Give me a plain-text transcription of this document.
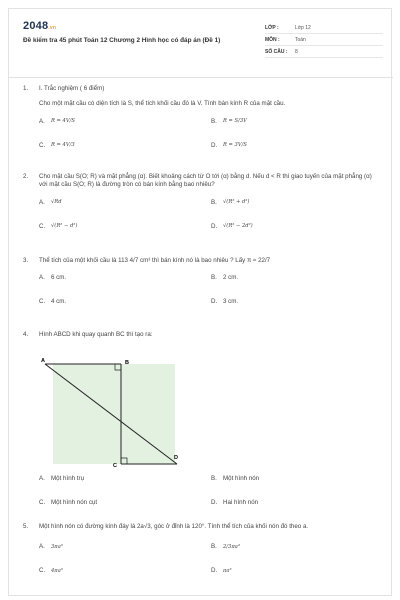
2048.vn
Đề kiểm tra 45 phút Toán 12 Chương 2 Hình học có đáp án (Đề 1)
LỚP :	Lớp 12
MÔN :	Toán
SỐ CÂU :	8
1. I. Trắc nghiệm ( 6 điểm)
Cho một mặt cầu có diện tích là S, thể tích khối cầu đó là V. Tính bán kính R của mặt cầu.
A.	R = 4V/S	B.	R = S/3V
C.	R = 4V/3	D.	R = 3V/S
2. Cho mặt cầu S(O; R) và mặt phẳng (α). Biết khoảng cách từ O tới (α) bằng d. Nếu d < R thì giao tuyến của mặt phẳng (α) với mặt cầu S(O; R) là đường tròn có bán kính bằng bao nhiêu?
A.	√Rd	B.	√(R² + d²)
C.	√(R² − d²)	D.	√(R² − 2d²)
3. Thể tích của một khối cầu là 113 4/7 cm³ thì bán kính nó là bao nhiêu ? Lấy π ≈ 22/7
A. 6 cm.	B. 2 cm.
C. 4 cm.	D. 3 cm.
4. Hình ABCD khi quay quanh BC thì tạo ra:
A	B
C
D
A. Một hình trụ	B. Một hình nón
C. Một hình nón cụt	D. Hai hình nón
5. Một hình nón có đường kính đáy là 2a√3, góc ở đỉnh là 120°. Tính thể tích của khối nón đó theo a.
A.	3πa³	B.	2/3πa³
C.	4πa³	D.	πa³
